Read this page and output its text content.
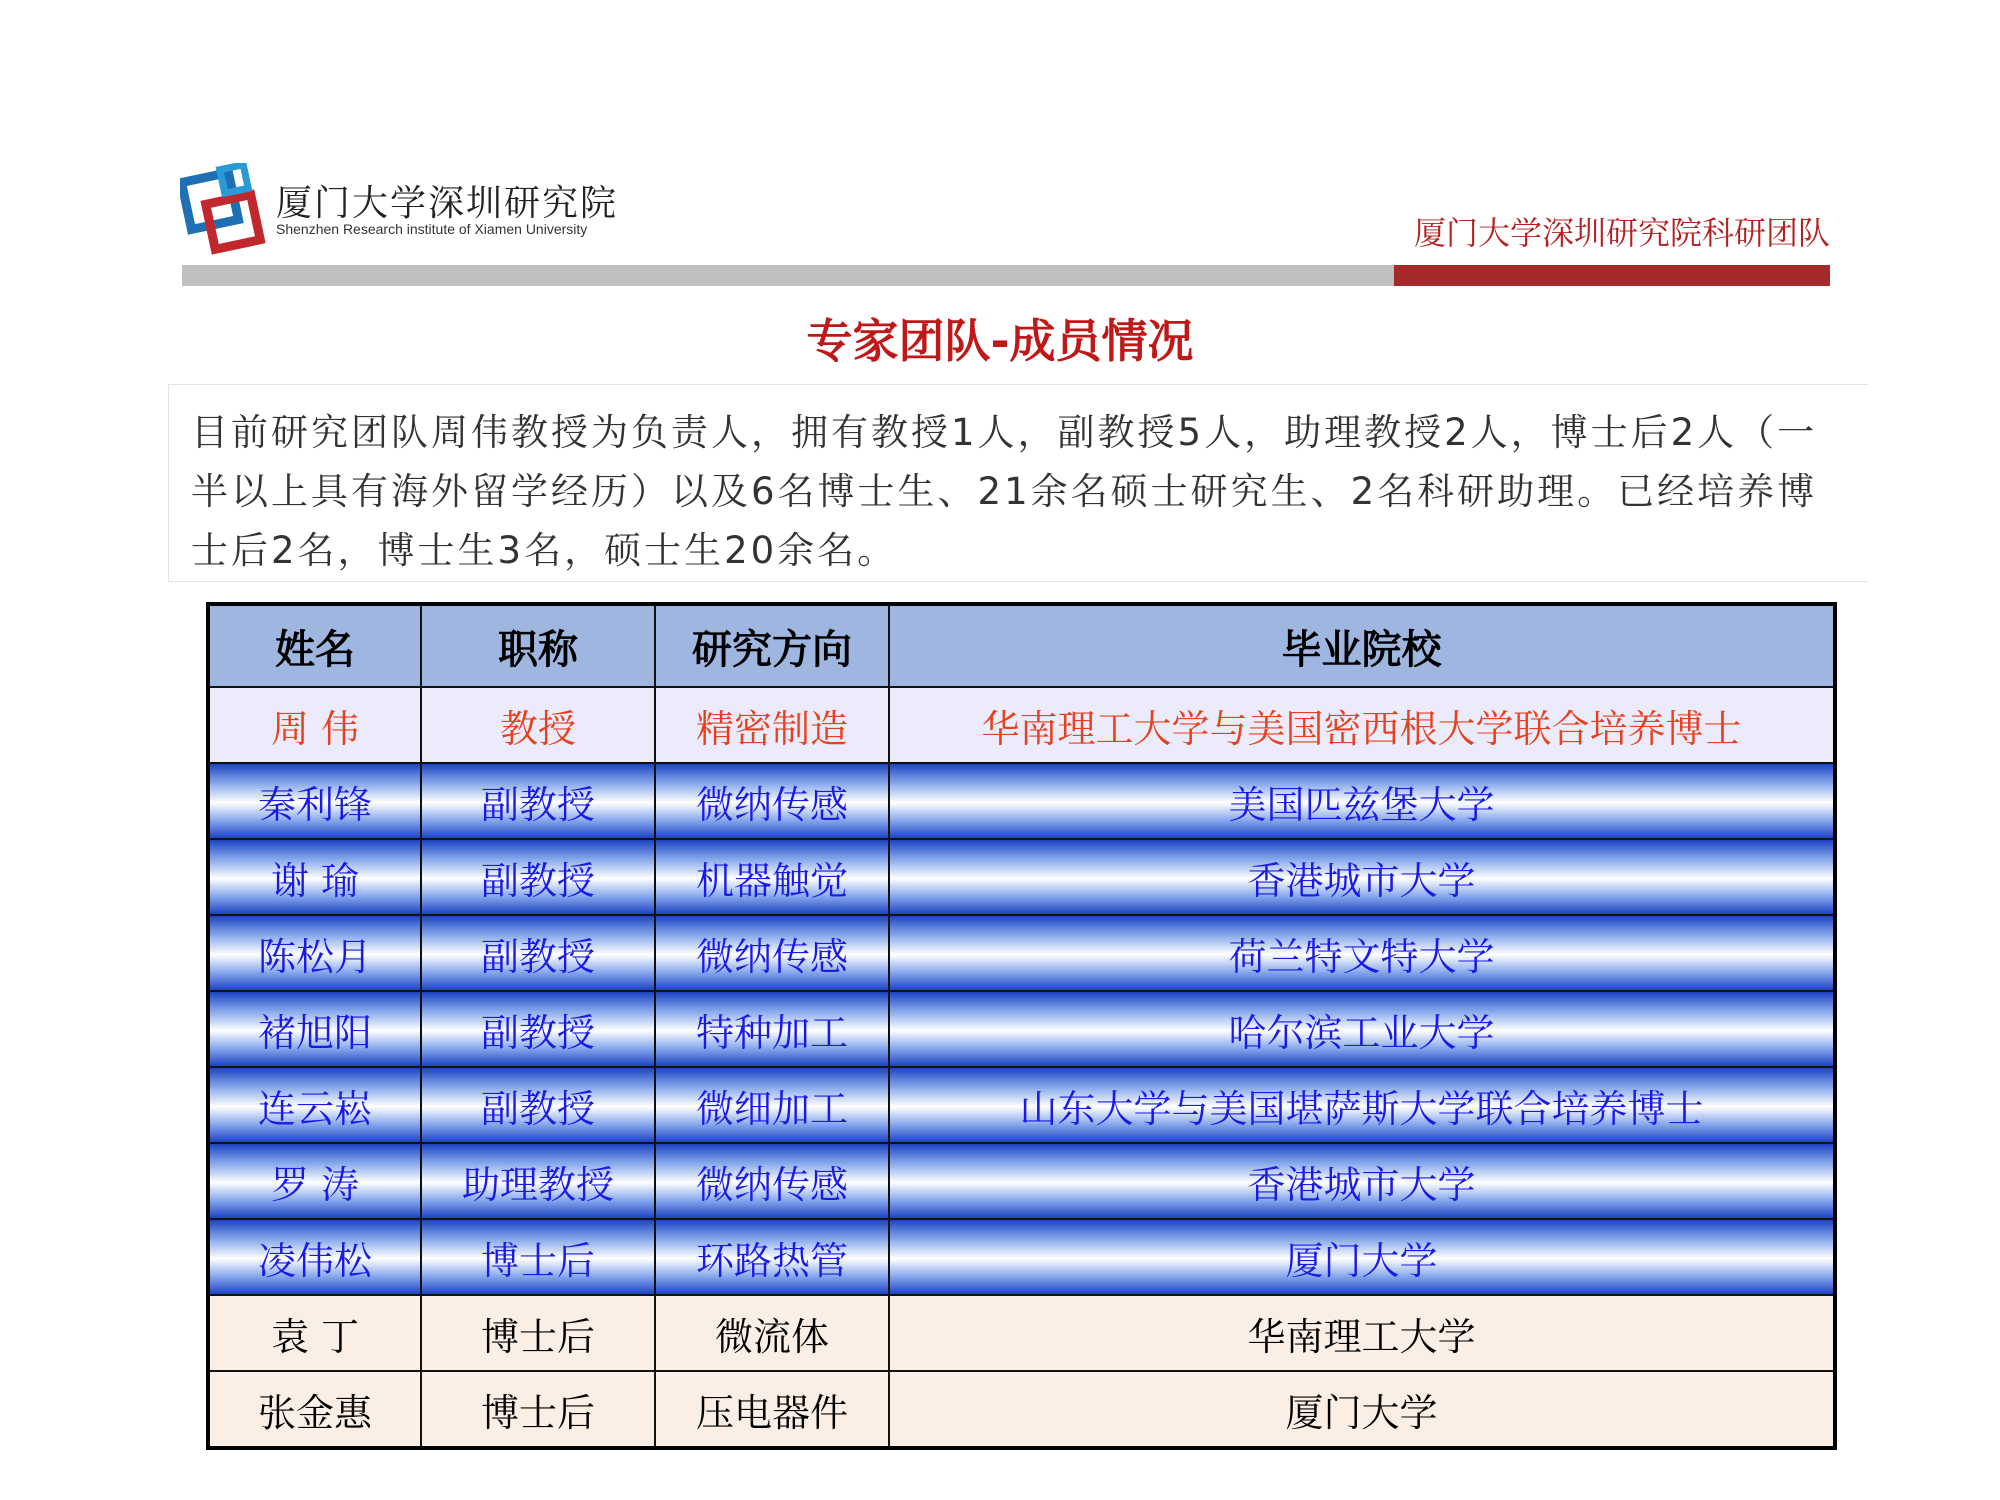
厦门大学深圳研究院
Shenzhen Research institute of Xiamen University	厦门大学深圳研究院科研团队
专家团队-成员情况
目前研究团队周伟教授为负责人，拥有教授1人，副教授5人，助理教授2人，博士后2人（一半以上具有海外留学经历）以及6名博士生、21余名硕士研究生、2名科研助理。已经培养博士后2名，博士生3名，硕士生20余名。
姓名	职称	研究方向	毕业院校
周 伟	教授	精密制造	华南理工大学与美国密西根大学联合培养博士
秦利锋	副教授	微纳传感	美国匹兹堡大学
谢 瑜	副教授	机器触觉	香港城市大学
陈松月	副教授	微纳传感	荷兰特文特大学
褚旭阳	副教授	特种加工	哈尔滨工业大学
连云崧	副教授	微细加工	山东大学与美国堪萨斯大学联合培养博士
罗 涛	助理教授	微纳传感	香港城市大学
凌伟松	博士后	环路热管	厦门大学
袁 丁	博士后	微流体	华南理工大学
张金惠	博士后	压电器件	厦门大学
